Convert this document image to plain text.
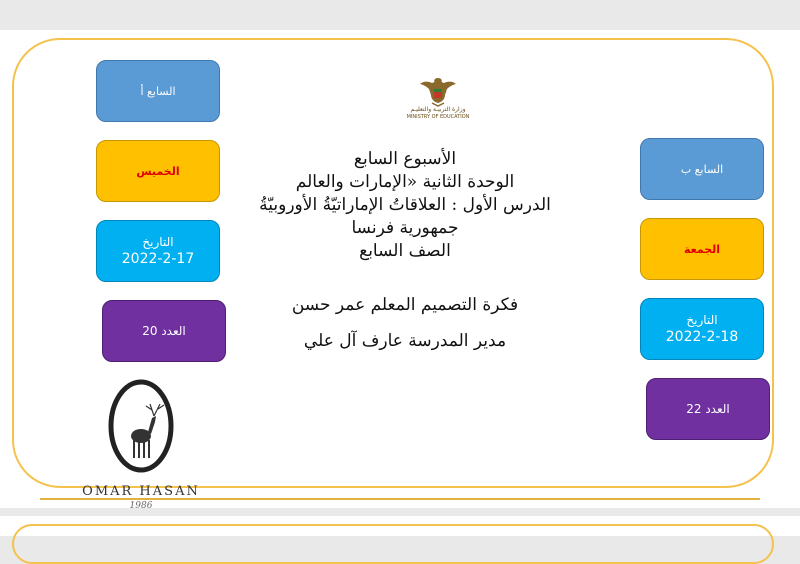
وزارة التربيـة والتعليـم
MINISTRY OF EDUCATION
السابع أ
الخميس
التاريخ
2022-2-17
العدد 20
السابع ب
الجمعة
التاريخ
2022-2-18
العدد 22
الأسبوع السابع
الوحدة الثانية «الإمارات والعالم
الدرس الأول : العلاقاتُ الإماراتيّةُ الأوروبيّةُ
جمهورية فرنسا
الصف السابع
فكرة التصميم المعلم عمر حسن
مدير المدرسة عارف آل علي
OMAR HASAN
1986
